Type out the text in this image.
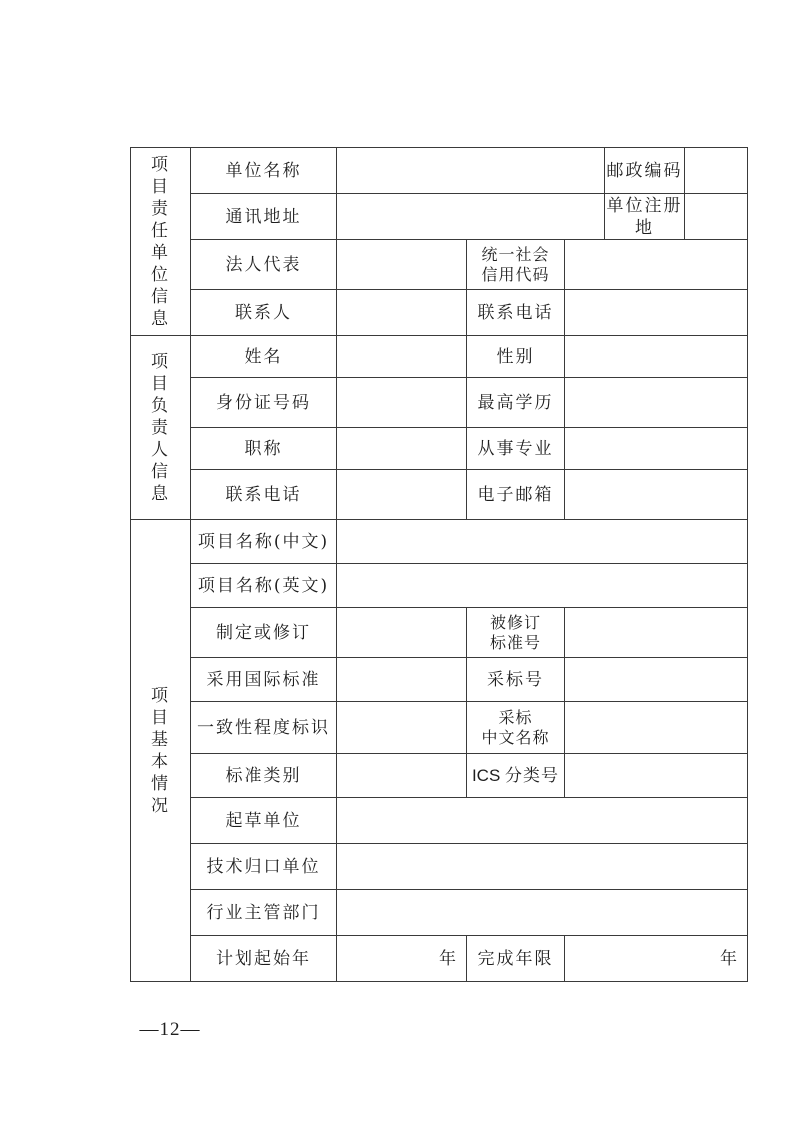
项目责任单位信息	单位名称				邮政编码	
	通讯地址				单位注册地	
	法人代表		统一社会
信用代码			

	联系人		联系电话			
项目负责人信息	姓名		性别			
	身份证号码		最高学历			
	职称		从事专业			
	联系电话		电子邮箱			
项目基本情况	项目名称(中文)					
	项目名称(英文)					
	制定或修订		被修订
标准号			

	采用国际标准		采标号			
	一致性程度标识		采标
中文名称			

	标准类别		ICS 分类号			
	起草单位					
	技术归口单位					
	行业主管部门					
	计划起始年	年	完成年限	年		
—12—
